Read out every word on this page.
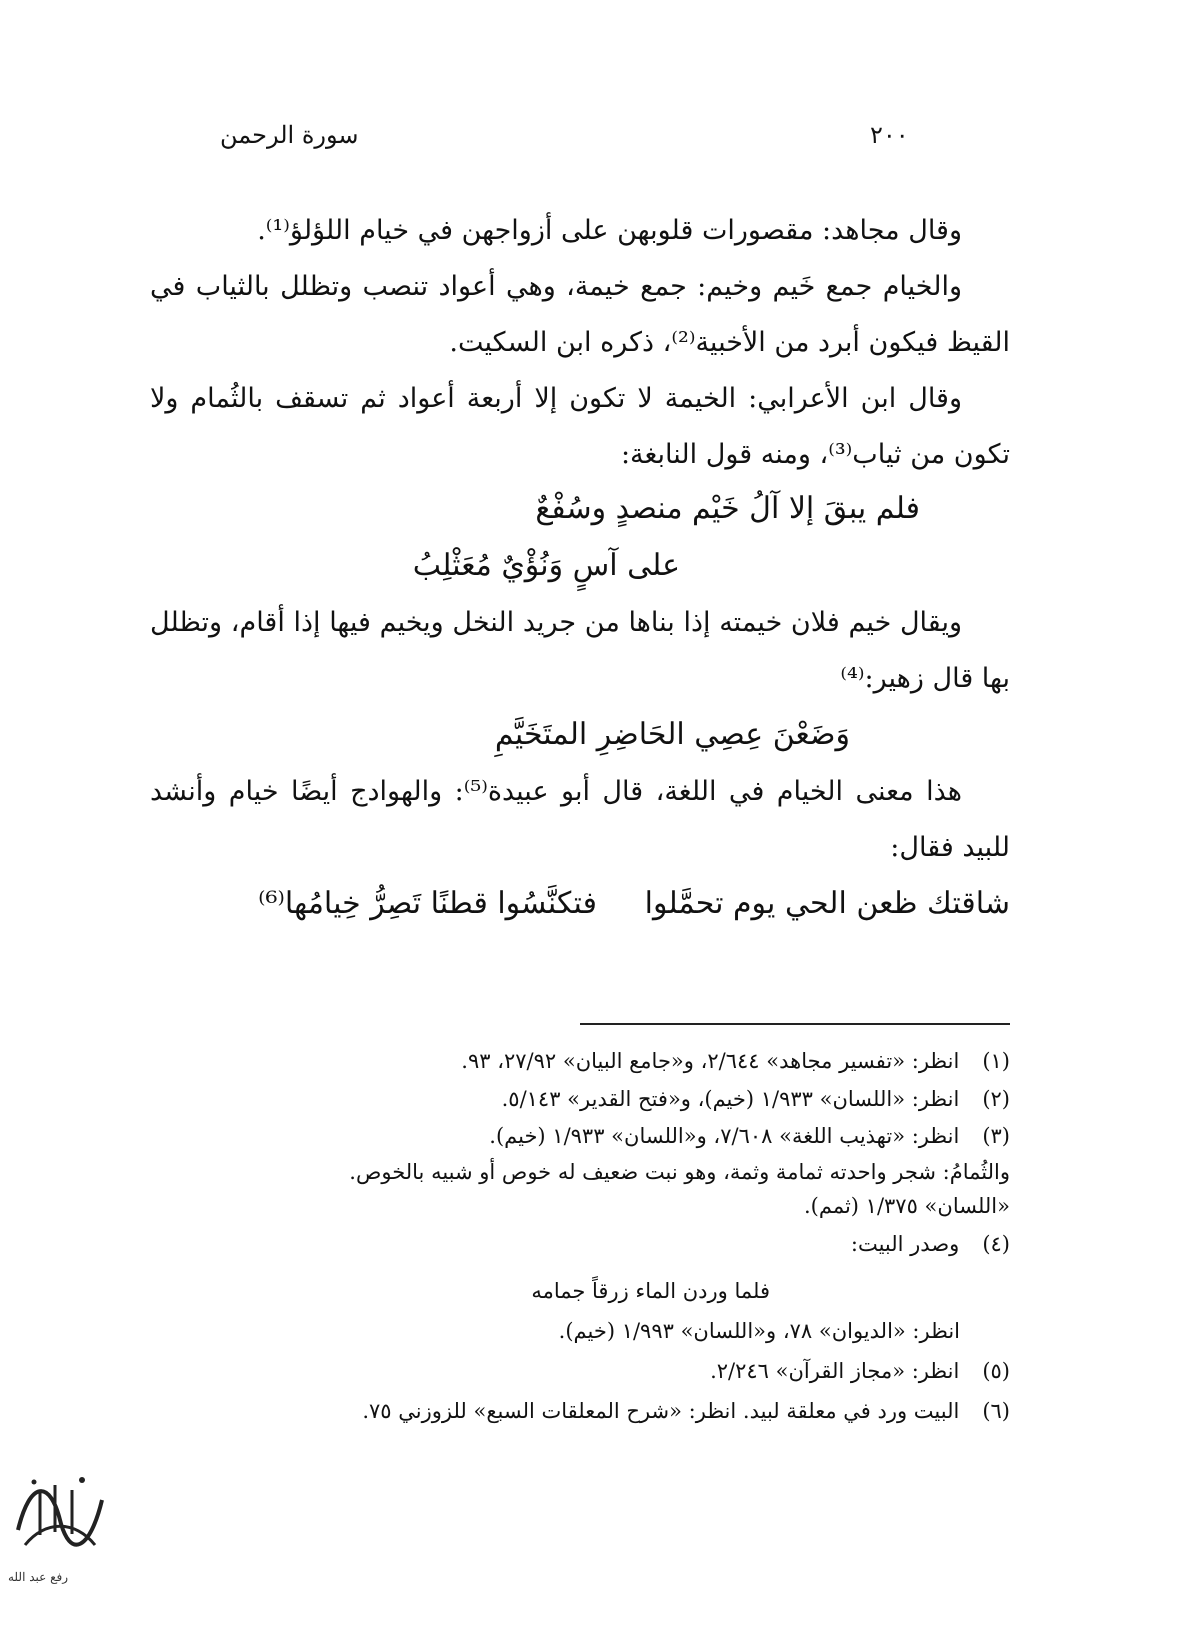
سورة الرحمن	٢٠٠
وقال مجاهد: مقصورات قلوبهن على أزواجهن في خيام اللؤلؤ⁽¹⁾.
والخيام جمع خَيم وخيم: جمع خيمة، وهي أعواد تنصب وتظلل بالثياب في القيظ فيكون أبرد من الأخبية⁽²⁾، ذكره ابن السكيت.
وقال ابن الأعرابي: الخيمة لا تكون إلا أربعة أعواد ثم تسقف بالثُمام ولا تكون من ثياب⁽³⁾، ومنه قول النابغة:
فلم يبقَ إلا آلُ خَيْم منصدٍ وسُفْعٌ
على آسٍ وَنُؤْيٌ مُعَثْلِبُ
ويقال خيم فلان خيمته إذا بناها من جريد النخل ويخيم فيها إذا أقام، وتظلل بها قال زهير:⁽⁴⁾
وَضَعْنَ عِصِي الحَاضِرِ المتَخَيَّمِ
هذا معنى الخيام في اللغة، قال أبو عبيدة⁽⁵⁾: والهوادج أيضًا خيام وأنشد للبيد فقال:
شاقتك ظعن الحي يوم تحمَّلوا     فتكنَّسُوا قطنًا تَصِرُّ خِيامُها⁽⁶⁾
(١) انظر: «تفسير مجاهد» ٢/٦٤٤، و«جامع البيان» ٢٧/٩٢، ٩٣.
(٢) انظر: «اللسان» ١/٩٣٣ (خيم)، و«فتح القدير» ٥/١٤٣.
(٣) انظر: «تهذيب اللغة» ٧/٦٠٨، و«اللسان» ١/٩٣٣ (خيم).
والثُمامُ: شجر واحدته ثمامة وثمة، وهو نبت ضعيف له خوص أو شبيه بالخوص.
«اللسان» ١/٣٧٥ (ثمم).
(٤) وصدر البيت:
فلما وردن الماء زرقاً جمامه
انظر: «الديوان» ٧٨، و«اللسان» ١/٩٩٣ (خيم).
(٥) انظر: «مجاز القرآن» ٢/٢٤٦.
(٦) البيت ورد في معلقة لبيد. انظر: «شرح المعلقات السبع» للزوزني ٧٥.
رفع عبد الله
